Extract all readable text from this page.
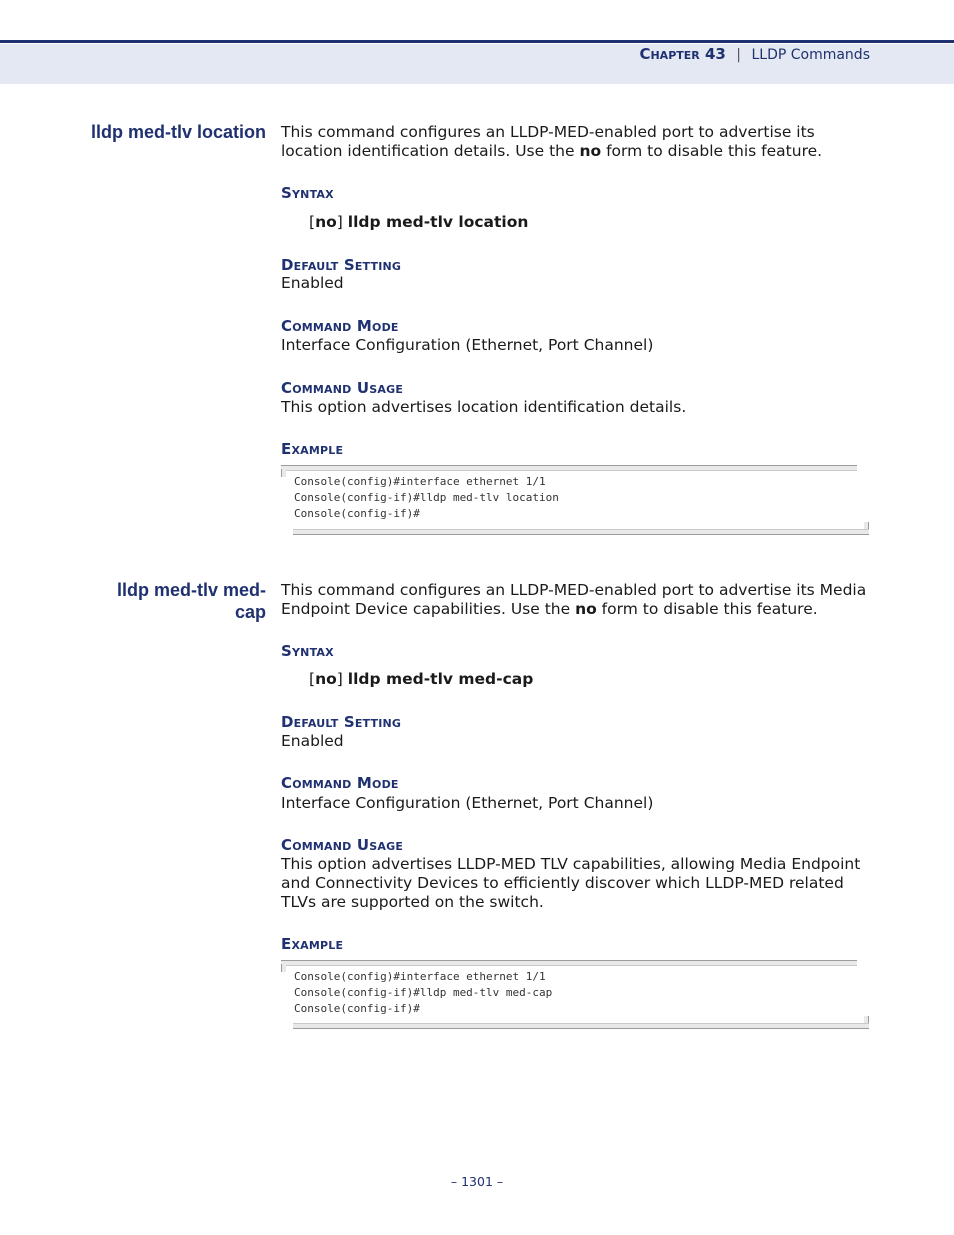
Chapter 43 | LLDP Commands
lldp med-tlv location This command configures an LLDP-MED-enabled port to advertise its location identification details. Use the no form to disable this feature.
Syntax
[no] lldp med-tlv location
Default Setting
Enabled
Command Mode
Interface Configuration (Ethernet, Port Channel)
Command Usage
This option advertises location identification details.
Example
Console(config)#interface ethernet 1/1
Console(config-if)#lldp med-tlv location
Console(config-if)#
lldp med-tlv med-
cap
This command configures an LLDP-MED-enabled port to advertise its Media Endpoint Device capabilities. Use the no form to disable this feature.
Syntax
[no] lldp med-tlv med-cap
Default Setting
Enabled
Command Mode
Interface Configuration (Ethernet, Port Channel)
Command Usage
This option advertises LLDP-MED TLV capabilities, allowing Media Endpoint and Connectivity Devices to efficiently discover which LLDP-MED related TLVs are supported on the switch.
Example
Console(config)#interface ethernet 1/1
Console(config-if)#lldp med-tlv med-cap
Console(config-if)#
– 1301 –
